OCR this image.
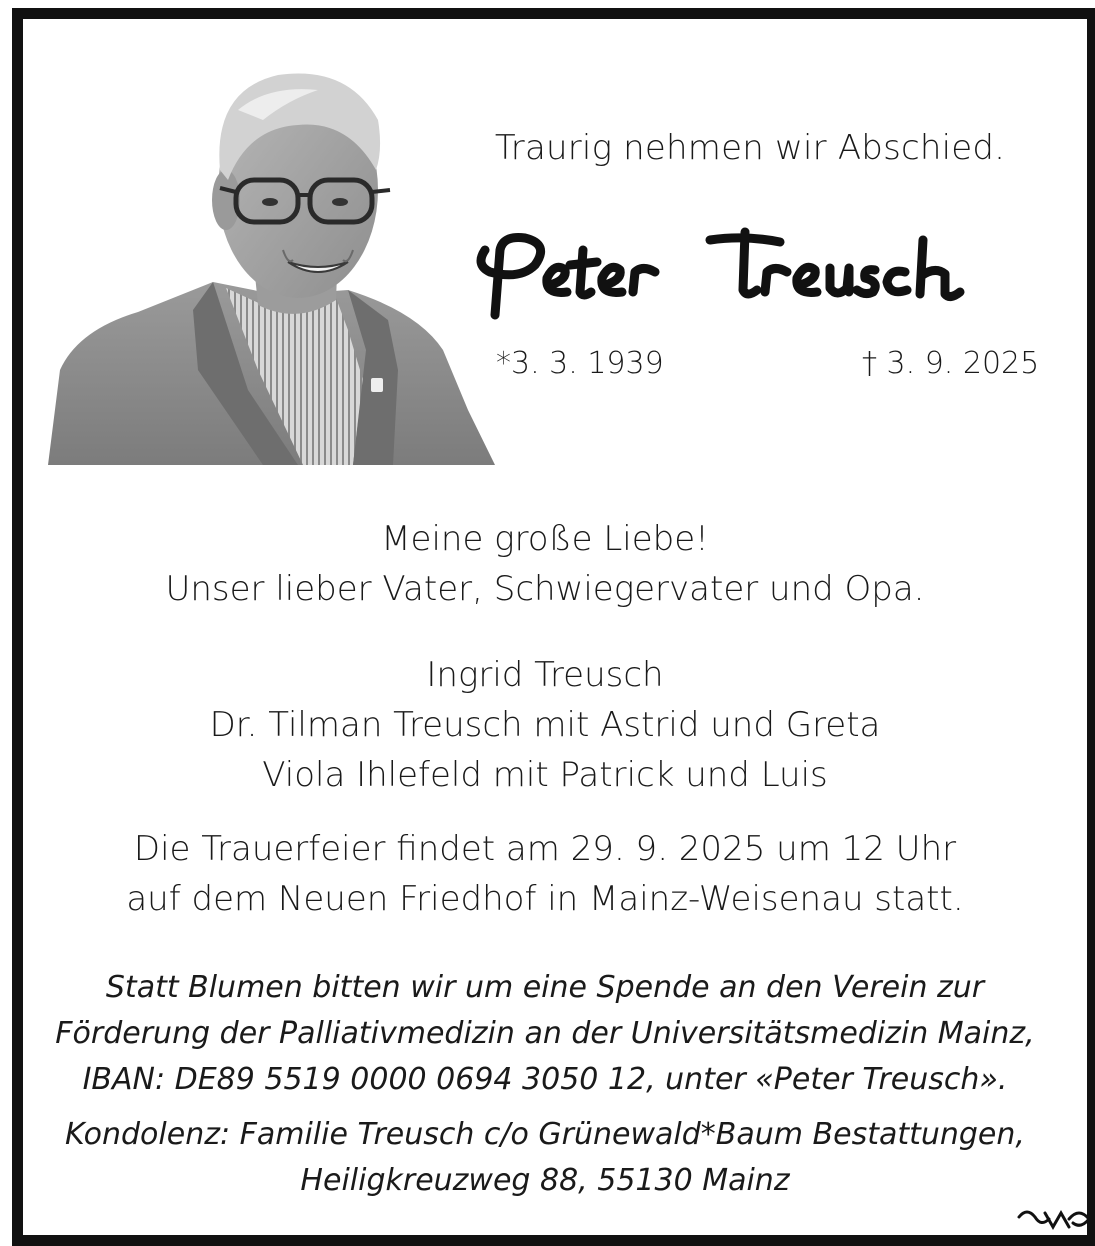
Traurig nehmen wir Abschied.
*3. 3. 1939	† 3. 9. 2025
Meine große Liebe!
Unser lieber Vater, Schwiegervater und Opa.
Ingrid Treusch
Dr. Tilman Treusch mit Astrid und Greta
Viola Ihlefeld mit Patrick und Luis
Die Trauerfeier findet am 29. 9. 2025 um 12 Uhr
auf dem Neuen Friedhof in Mainz-Weisenau statt.
Statt Blumen bitten wir um eine Spende an den Verein zur
Förderung der Palliativmedizin an der Universitätsmedizin Mainz,
IBAN: DE89 5519 0000 0694 3050 12, unter «Peter Treusch».
Kondolenz: Familie Treusch c/o Grünewald*Baum Bestattungen,
Heiligkreuzweg 88, 55130 Mainz
